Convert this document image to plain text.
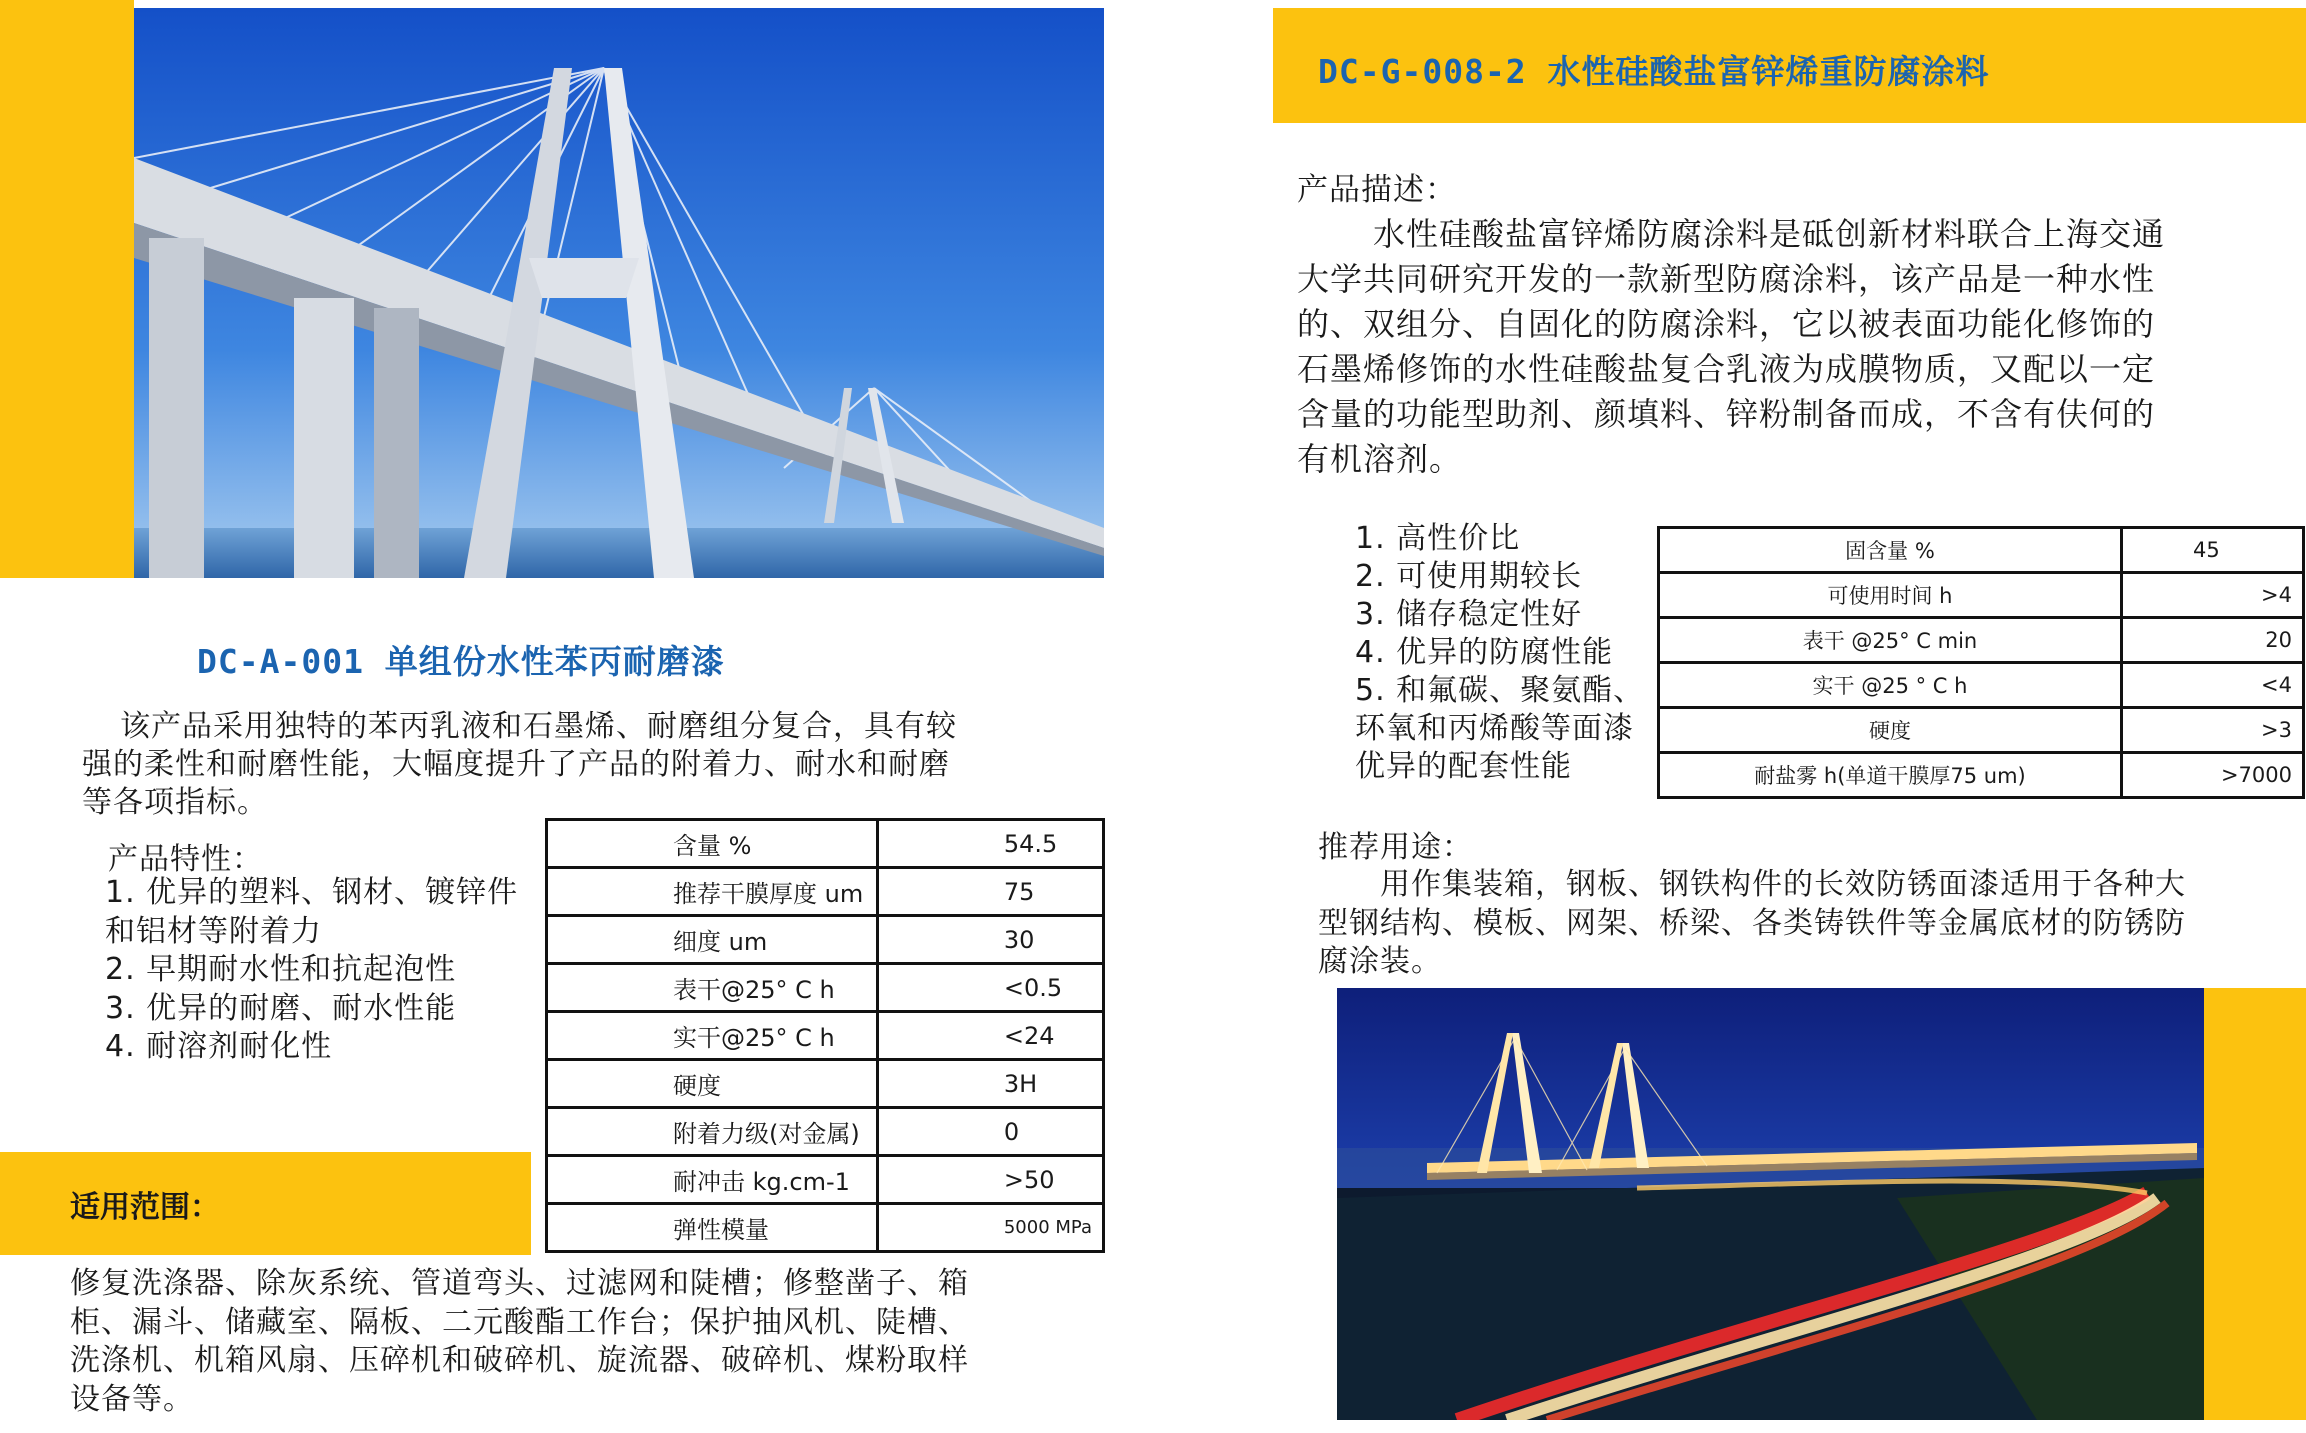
DC-A-001 单组份水性苯丙耐磨漆
该产品采用独特的苯丙乳液和石墨烯、耐磨组分复合，具有较
强的柔性和耐磨性能，大幅度提升了产品的附着力、耐水和耐磨
等各项指标。
产品特性：
1. 优异的塑料、钢材、镀锌件
和铝材等附着力
2. 早期耐水性和抗起泡性
3. 优异的耐磨、耐水性能
4. 耐溶剂耐化性
含量 %	54.5
推荐干膜厚度 um	75
细度 um	30
表干@25° C h	<0.5
实干@25° C h	<24
硬度	3H
附着力级(对金属)	0
耐冲击 kg.cm-1	>50
弹性模量	5000 MPa
适用范围：
修复洗涤器、除灰系统、管道弯头、过滤网和陡槽；修整凿子、箱
柜、漏斗、储藏室、隔板、二元酸酯工作台；保护抽风机、陡槽、
洗涤机、机箱风扇、压碎机和破碎机、旋流器、破碎机、煤粉取样
设备等。
DC-G-008-2 水性硅酸盐富锌烯重防腐涂料
产品描述：
水性硅酸盐富锌烯防腐涂料是砥创新材料联合上海交通
大学共同研究开发的一款新型防腐涂料，该产品是一种水性
的、双组分、自固化的防腐涂料，它以被表面功能化修饰的
石墨烯修饰的水性硅酸盐复合乳液为成膜物质，又配以一定
含量的功能型助剂、颜填料、锌粉制备而成，不含有伕何的
有机溶剂。
1. 高性价比
2. 可使用期较长
3. 储存稳定性好
4. 优异的防腐性能
5. 和氟碳、聚氨酯、
环氧和丙烯酸等面漆
优异的配套性能
固含量 %	45
可使用时间 h	>4
表干 @25° C min	20
实干 @25 ° C h	<4
硬度	>3
耐盐雾 h(单道干膜厚75 um)	>7000
推荐用途：
用作集装箱，钢板、钢铁构件的长效防锈面漆适用于各种大
型钢结构、模板、网架、桥梁、各类铸铁件等金属底材的防锈防
腐涂装。
